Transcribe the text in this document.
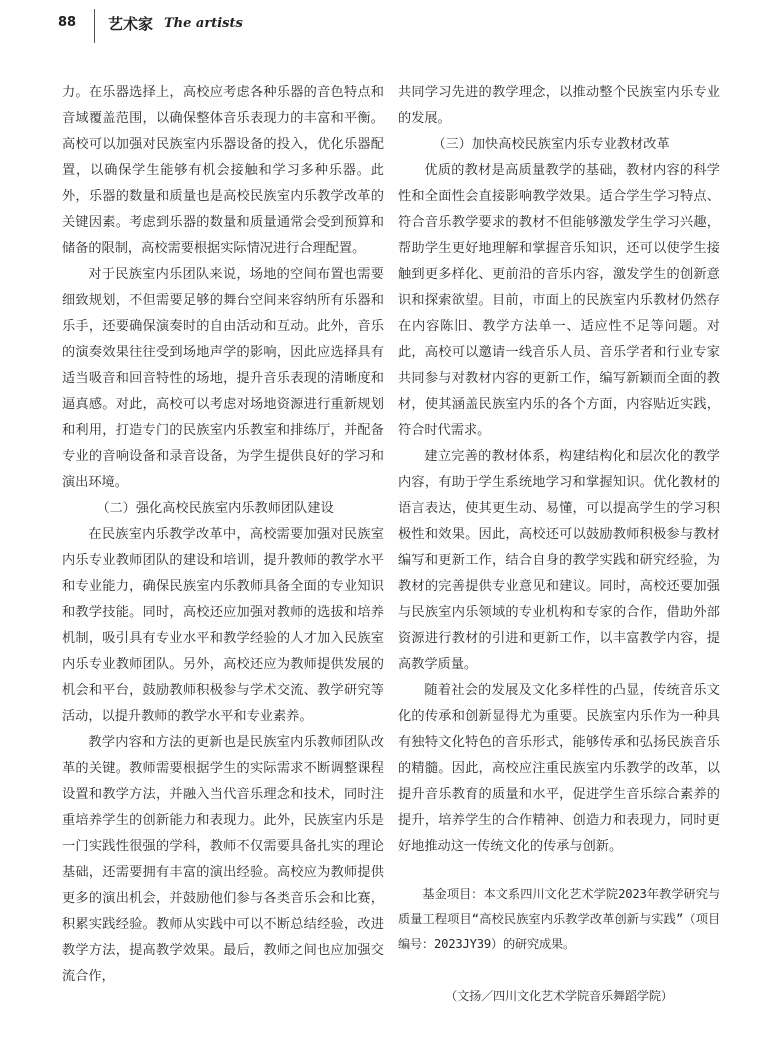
88 艺术家 The artists

力。在乐器选择上，高校应考虑各种乐器的音色特点和音域覆盖范围，以确保整体音乐表现力的丰富和平衡。高校可以加强对民族室内乐器设备的投入，优化乐器配置，以确保学生能够有机会接触和学习多种乐器。此外，乐器的数量和质量也是高校民族室内乐教学改革的关键因素。考虑到乐器的数量和质量通常会受到预算和储备的限制，高校需要根据实际情况进行合理配置。

对于民族室内乐团队来说，场地的空间布置也需要细致规划，不但需要足够的舞台空间来容纳所有乐器和乐手，还要确保演奏时的自由活动和互动。此外，音乐的演奏效果往往受到场地声学的影响，因此应选择具有适当吸音和回音特性的场地，提升音乐表现的清晰度和逼真感。对此，高校可以考虑对场地资源进行重新规划和利用，打造专门的民族室内乐教室和排练厅，并配备专业的音响设备和录音设备，为学生提供良好的学习和演出环境。

（二）强化高校民族室内乐教师团队建设

在民族室内乐教学改革中，高校需要加强对民族室内乐专业教师团队的建设和培训，提升教师的教学水平和专业能力，确保民族室内乐教师具备全面的专业知识和教学技能。同时，高校还应加强对教师的选拔和培养机制，吸引具有专业水平和教学经验的人才加入民族室内乐专业教师团队。另外，高校还应为教师提供发展的机会和平台，鼓励教师积极参与学术交流、教学研究等活动，以提升教师的教学水平和专业素养。

教学内容和方法的更新也是民族室内乐教师团队改革的关键。教师需要根据学生的实际需求不断调整课程设置和教学方法，并融入当代音乐理念和技术，同时注重培养学生的创新能力和表现力。此外，民族室内乐是一门实践性很强的学科，教师不仅需要具备扎实的理论基础，还需要拥有丰富的演出经验。高校应为教师提供更多的演出机会，并鼓励他们参与各类音乐会和比赛，积累实践经验。教师从实践中可以不断总结经验，改进教学方法，提高教学效果。最后，教师之间也应加强交流合作，

共同学习先进的教学理念，以推动整个民族室内乐专业的发展。

（三）加快高校民族室内乐专业教材改革

优质的教材是高质量教学的基础，教材内容的科学性和全面性会直接影响教学效果。适合学生学习特点、符合音乐教学要求的教材不但能够激发学生学习兴趣，帮助学生更好地理解和掌握音乐知识，还可以使学生接触到更多样化、更前沿的音乐内容，激发学生的创新意识和探索欲望。目前，市面上的民族室内乐教材仍然存在内容陈旧、教学方法单一、适应性不足等问题。对此，高校可以邀请一线音乐人员、音乐学者和行业专家共同参与对教材内容的更新工作，编写新颖而全面的教材，使其涵盖民族室内乐的各个方面，内容贴近实践，符合时代需求。

建立完善的教材体系，构建结构化和层次化的教学内容，有助于学生系统地学习和掌握知识。优化教材的语言表达，使其更生动、易懂，可以提高学生的学习积极性和效果。因此，高校还可以鼓励教师积极参与教材编写和更新工作，结合自身的教学实践和研究经验，为教材的完善提供专业意见和建议。同时，高校还要加强与民族室内乐领域的专业机构和专家的合作，借助外部资源进行教材的引进和更新工作，以丰富教学内容，提高教学质量。

随着社会的发展及文化多样性的凸显，传统音乐文化的传承和创新显得尤为重要。民族室内乐作为一种具有独特文化特色的音乐形式，能够传承和弘扬民族音乐的精髓。因此，高校应注重民族室内乐教学的改革，以提升音乐教育的质量和水平，促进学生音乐综合素养的提升，培养学生的合作精神、创造力和表现力，同时更好地推动这一传统文化的传承与创新。

基金项目：本文系四川文化艺术学院2023年教学研究与质量工程项目“高校民族室内乐教学改革创新与实践”（项目编号：2023JY39）的研究成果。
（文扬／四川文化艺术学院音乐舞蹈学院）
